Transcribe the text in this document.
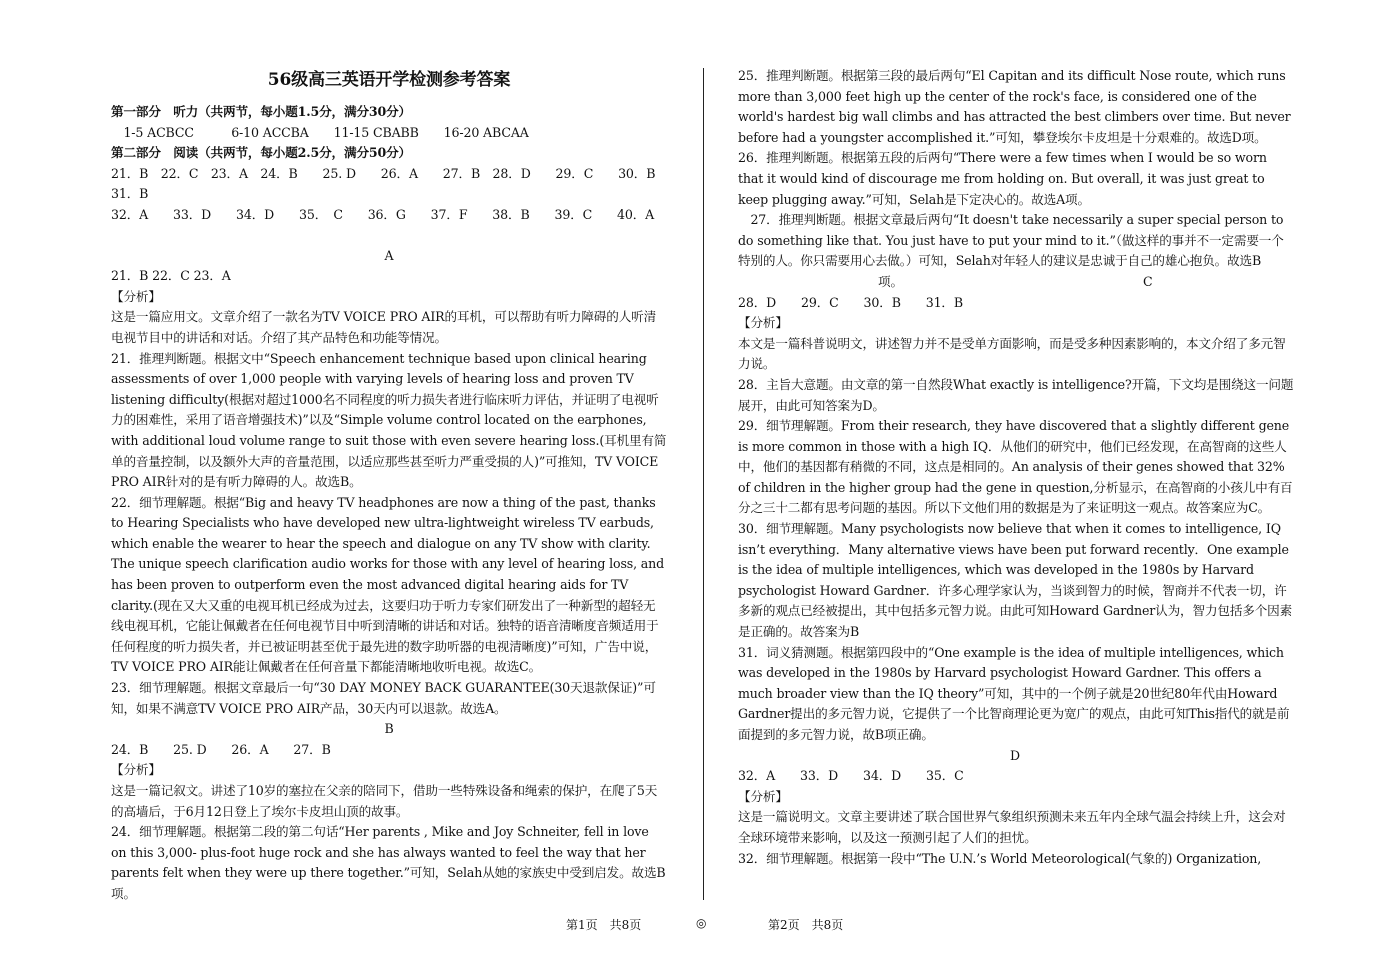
56级高三英语开学检测参考答案

第一部分　听力（共两节，每小题1.5分，满分30分）

　1-5 ACBCC　　　6-10 ACCBA　　11-15 CBABB　　16-20 ABCAA

第二部分　阅读（共两节，每小题2.5分，满分50分）

21．B　22．C　23．A　24．B　　25. D　　26．A　　27．B　28．D　　29．C　　30．B

31．B

32．A　　33．D　　34．D　　35．　C　　36．G　　37．F　　38．B　　39．C　　40．A

A

21．B 22．C 23．A

【分析】

这是一篇应用文。文章介绍了一款名为TV VOICE PRO AIR的耳机，可以帮助有听力障碍的人听清电视节目中的讲话和对话。介绍了其产品特色和功能等情况。

21．推理判断题。根据文中“Speech enhancement technique based upon clinical hearing assessments of over 1,000 people with varying levels of hearing loss and proven TV listening difficulty(根据对超过1000名不同程度的听力损失者进行临床听力评估，并证明了电视听力的困难性，采用了语音增强技术)”以及“Simple volume control located on the earphones, with additional loud volume range to suit those with even severe hearing loss.(耳机里有简单的音量控制，以及额外大声的音量范围，以适应那些甚至听力严重受损的人)”可推知，TV VOICE PRO AIR针对的是有听力障碍的人。故选B。

22．细节理解题。根据“Big and heavy TV headphones are now a thing of the past, thanks to Hearing Specialists who have developed new ultra-lightweight wireless TV earbuds, which enable the wearer to hear the speech and dialogue on any TV show with clarity. The unique speech clarification audio works for those with any level of hearing loss, and has been proven to outperform even the most advanced digital hearing aids for TV clarity.(现在又大又重的电视耳机已经成为过去，这要归功于听力专家们研发出了一种新型的超轻无线电视耳机，它能让佩戴者在任何电视节目中听到清晰的讲话和对话。独特的语音清晰度音频适用于任何程度的听力损失者，并已被证明甚至优于最先进的数字助听器的电视清晰度)”可知，广告中说，TV VOICE PRO AIR能让佩戴者在任何音量下都能清晰地收听电视。故选C。

23．细节理解题。根据文章最后一句“30 DAY MONEY BACK GUARANTEE(30天退款保证)”可知，如果不满意TV VOICE PRO AIR产品，30天内可以退款。故选A。

B

24．B　　25. D　　26．A　　27．B

【分析】

这是一篇记叙文。讲述了10岁的塞拉在父亲的陪同下，借助一些特殊设备和绳索的保护，在爬了5天的高墙后，于6月12日登上了埃尔卡皮坦山顶的故事。

24．细节理解题。根据第二段的第二句话“Her parents , Mike and Joy Schneiter, fell in love on this 3,000- plus-foot huge rock and she has always wanted to feel the way that her parents felt when they were up there together.”可知，Selah从她的家族史中受到启发。故选B项。

25．推理判断题。根据第三段的最后两句“El Capitan and its difficult Nose route, which runs more than 3,000 feet high up the center of the rock's face, is considered one of the world's hardest big wall climbs and has attracted the best climbers over time. But never before had a youngster accomplished it.”可知，攀登埃尔卡皮坦是十分艰难的。故选D项。

26．推理判断题。根据第五段的后两句“There were a few times when I would be so worn that it would kind of discourage me from holding on. But overall, it was just great to keep plugging away.”可知，Selah是下定决心的。故选A项。

　27．推理判断题。根据文章最后两句“It doesn't take necessarily a super special person to do something like that. You just have to put your mind to it.”（做这样的事并不一定需要一个特别的人。你只需要用心去做。）可知，Selah对年轻人的建议是忠诚于自己的雄心抱负。故选B

项。	C

28．D　　29．C　　30．B　　31．B

【分析】

本文是一篇科普说明文，讲述智力并不是受单方面影响，而是受多种因素影响的，本文介绍了多元智力说。

28．主旨大意题。由文章的第一自然段What exactly is intelligence?开篇，下文均是围绕这一问题展开，由此可知答案为D。

29．细节理解题。From their research, they have discovered that a slightly different gene is more common in those with a high IQ．从他们的研究中，他们已经发现，在高智商的这些人中，他们的基因都有稍微的不同，这点是相同的。An analysis of their genes showed that 32% of children in the higher group had the gene in question,分析显示，在高智商的小孩儿中有百分之三十二都有思考问题的基因。所以下文他们用的数据是为了来证明这一观点。故答案应为C。

30．细节理解题。Many psychologists now believe that when it comes to intelligence, IQ isn’t everything．Many alternative views have been put forward recently．One example is the idea of multiple intelligences, which was developed in the 1980s by Harvard psychologist Howard Gardner．许多心理学家认为，当谈到智力的时候，智商并不代表一切，许多新的观点已经被提出，其中包括多元智力说。由此可知Howard Gardner认为，智力包括多个因素是正确的。故答案为B

31．词义猜测题。根据第四段中的“One example is the idea of multiple intelligences, which was developed in the 1980s by Harvard psychologist Howard Gardner. This offers a much broader view than the IQ theory”可知，其中的一个例子就是20世纪80年代由Howard Gardner提出的多元智力说，它提供了一个比智商理论更为宽广的观点，由此可知This指代的就是前面提到的多元智力说，故B项正确。

D

32．A　　33．D　　34．D　　35．C

【分析】

这是一篇说明文。文章主要讲述了联合国世界气象组织预测未来五年内全球气温会持续上升，这会对全球环境带来影响，以及这一预测引起了人们的担忧。

32．细节理解题。根据第一段中“The U.N.’s World Meteorological(气象的) Organization,

第1页　共8页	◎	第2页　共8页
